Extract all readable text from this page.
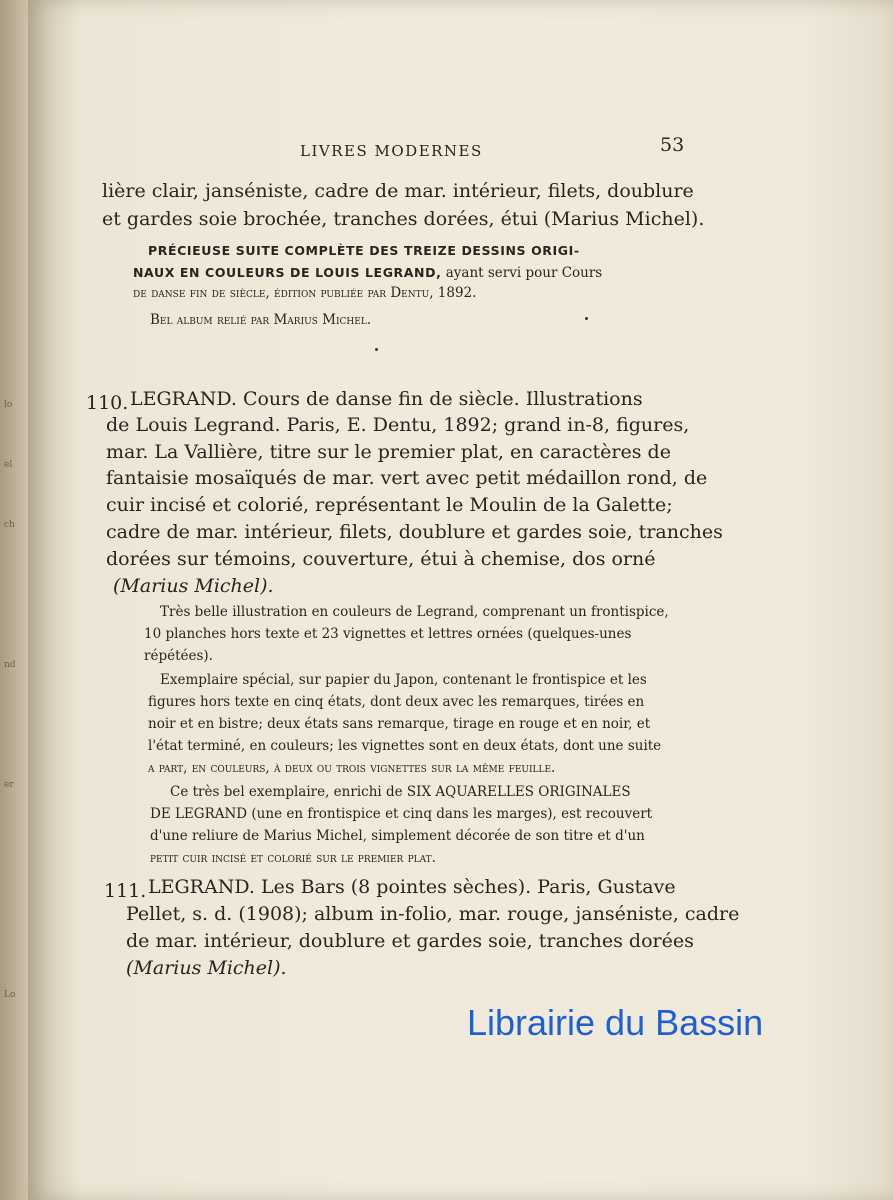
lo
el
ch
nd
er
Lo
LIVRES MODERNES	53
lière clair, janséniste, cadre de mar. intérieur, filets, doublure
et gardes soie brochée, tranches dorées, étui (Marius Michel).
PRÉCIEUSE SUITE COMPLÈTE DES TREIZE DESSINS ORIGI-
NAUX EN COULEURS DE LOUIS LEGRAND, ayant servi pour Cours
de danse fin de siècle, édition publiée par Dentu, 1892.
Bel album relié par Marius Michel.
110. LEGRAND. Cours de danse fin de siècle. Illustrations
de Louis Legrand. Paris, E. Dentu, 1892; grand in-8, figures,
mar. La Vallière, titre sur le premier plat, en caractères de
fantaisie mosaïqués de mar. vert avec petit médaillon rond, de
cuir incisé et colorié, représentant le Moulin de la Galette;
cadre de mar. intérieur, filets, doublure et gardes soie, tranches
dorées sur témoins, couverture, étui à chemise, dos orné
(Marius Michel).
Très belle illustration en couleurs de Legrand, comprenant un frontispice,
10 planches hors texte et 23 vignettes et lettres ornées (quelques-unes
répétées).
Exemplaire spécial, sur papier du Japon, contenant le frontispice et les
figures hors texte en cinq états, dont deux avec les remarques, tirées en
noir et en bistre; deux états sans remarque, tirage en rouge et en noir, et
l'état terminé, en couleurs; les vignettes sont en deux états, dont une suite
a part, en couleurs, à deux ou trois vignettes sur la même feuille.
Ce très bel exemplaire, enrichi de SIX AQUARELLES ORIGINALES
DE LEGRAND (une en frontispice et cinq dans les marges), est recouvert
d'une reliure de Marius Michel, simplement décorée de son titre et d'un
petit cuir incisé et colorié sur le premier plat.
111. LEGRAND. Les Bars (8 pointes sèches). Paris, Gustave
Pellet, s. d. (1908); album in-folio, mar. rouge, janséniste, cadre
de mar. intérieur, doublure et gardes soie, tranches dorées
(Marius Michel).
Librairie du Bassin
